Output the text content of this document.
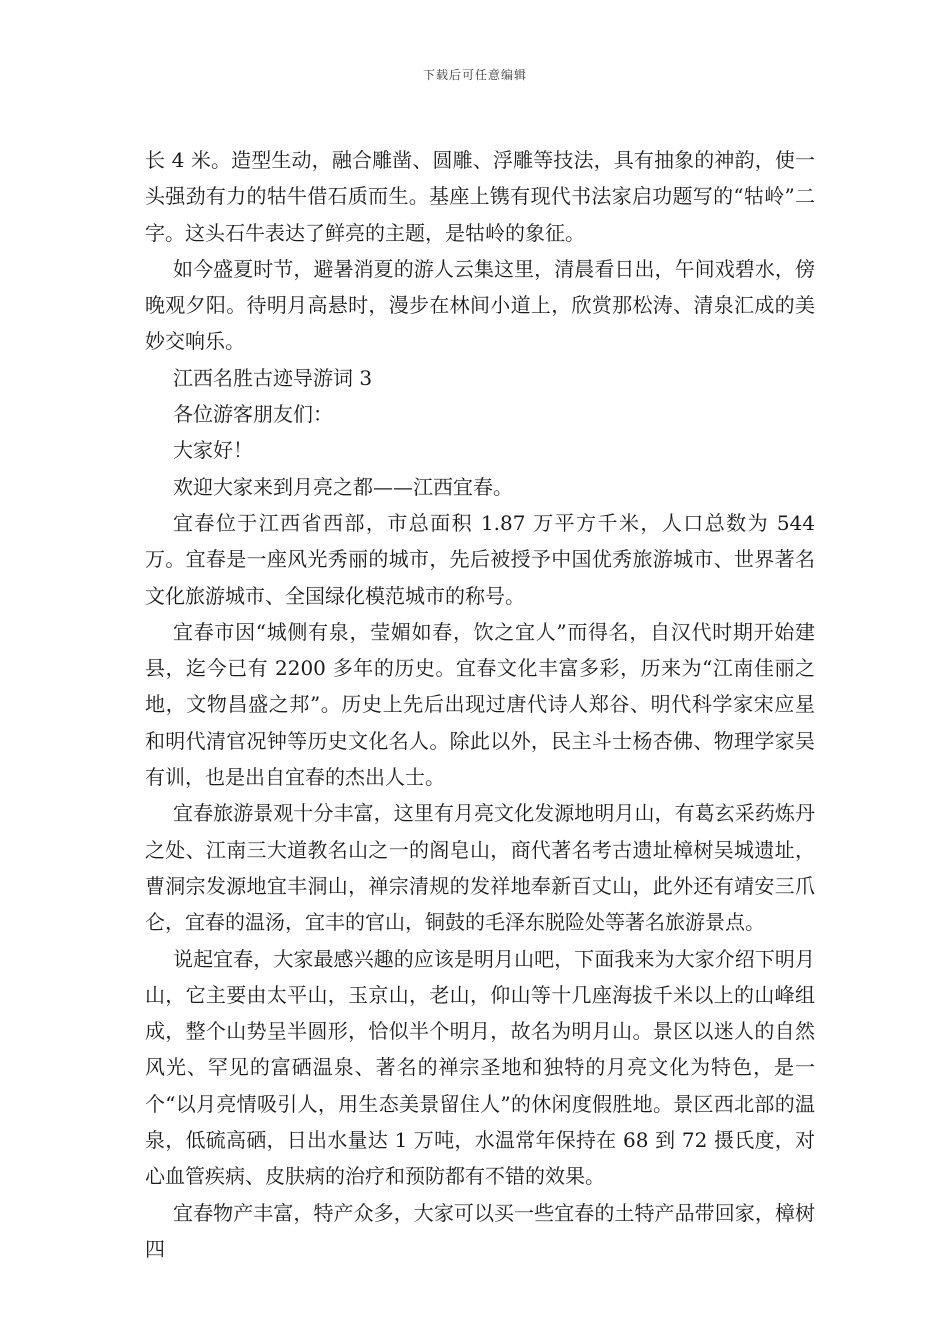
下载后可任意编辑

长 4 米。造型生动，融合雕凿、圆雕、浮雕等技法，具有抽象的神韵，使一头强劲有力的牯牛借石质而生。基座上镌有现代书法家启功题写的“牯岭”二字。这头石牛表达了鲜亮的主题，是牯岭的象征。

如今盛夏时节，避暑消夏的游人云集这里，清晨看日出，午间戏碧水，傍晚观夕阳。待明月高悬时，漫步在林间小道上，欣赏那松涛、清泉汇成的美妙交响乐。

江西名胜古迹导游词 3

各位游客朋友们：

大家好！

欢迎大家来到月亮之都——江西宜春。

宜春位于江西省西部，市总面积 1.87 万平方千米，人口总数为 544 万。宜春是一座风光秀丽的城市，先后被授予中国优秀旅游城市、世界著名文化旅游城市、全国绿化模范城市的称号。

宜春市因“城侧有泉，莹媚如春，饮之宜人”而得名，自汉代时期开始建县，迄今已有 2200 多年的历史。宜春文化丰富多彩，历来为“江南佳丽之地，文物昌盛之邦”。历史上先后出现过唐代诗人郑谷、明代科学家宋应星和明代清官况钟等历史文化名人。除此以外，民主斗士杨杏佛、物理学家吴有训，也是出自宜春的杰出人士。

宜春旅游景观十分丰富，这里有月亮文化发源地明月山，有葛玄采药炼丹之处、江南三大道教名山之一的阁皂山，商代著名考古遗址樟树吴城遗址，曹洞宗发源地宜丰洞山，禅宗清规的发祥地奉新百丈山，此外还有靖安三爪仑，宜春的温汤，宜丰的官山，铜鼓的毛泽东脱险处等著名旅游景点。

说起宜春，大家最感兴趣的应该是明月山吧，下面我来为大家介绍下明月山，它主要由太平山，玉京山，老山，仰山等十几座海拔千米以上的山峰组成，整个山势呈半圆形，恰似半个明月，故名为明月山。景区以迷人的自然风光、罕见的富硒温泉、著名的禅宗圣地和独特的月亮文化为特色，是一个“以月亮情吸引人，用生态美景留住人”的休闲度假胜地。景区西北部的温泉，低硫高硒，日出水量达 1 万吨，水温常年保持在 68 到 72 摄氏度，对心血管疾病、皮肤病的治疗和预防都有不错的效果。

宜春物产丰富，特产众多，大家可以买一些宜春的土特产品带回家，樟树四
